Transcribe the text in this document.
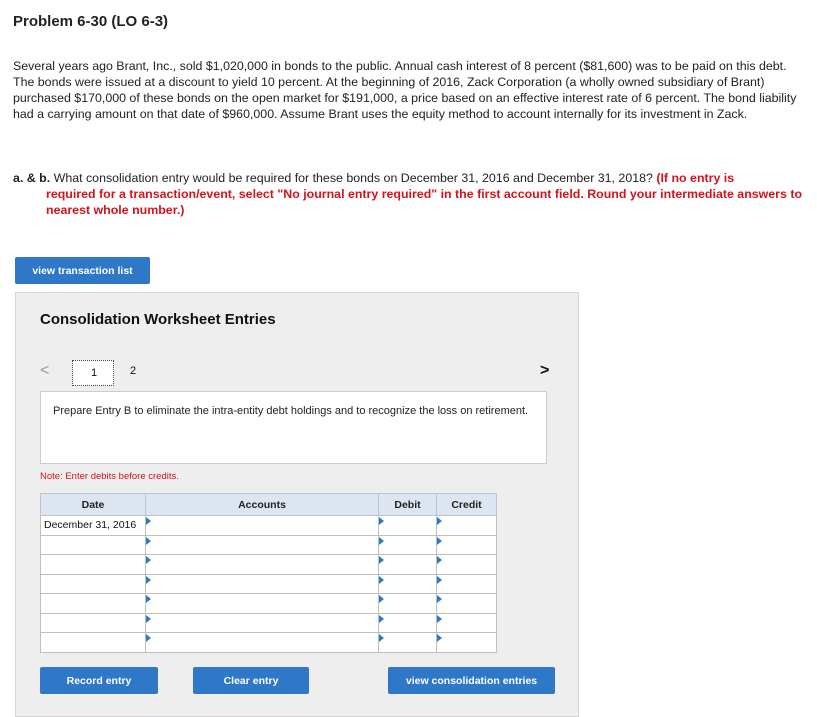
Problem 6-30 (LO 6-3)
Several years ago Brant, Inc., sold $1,020,000 in bonds to the public. Annual cash interest of 8 percent ($81,600) was to be paid on this debt. The bonds were issued at a discount to yield 10 percent. At the beginning of 2016, Zack Corporation (a wholly owned subsidiary of Brant) purchased $170,000 of these bonds on the open market for $191,000, a price based on an effective interest rate of 6 percent. The bond liability had a carrying amount on that date of $960,000. Assume Brant uses the equity method to account internally for its investment in Zack.
a. & b. What consolidation entry would be required for these bonds on December 31, 2016 and December 31, 2018? (If no entry is
required for a transaction/event, select "No journal entry required" in the first account field. Round your intermediate answers to nearest whole number.)
view transaction list
Consolidation Worksheet Entries
<	1	2	>
Prepare Entry B to eliminate the intra-entity debt holdings and to recognize the loss on retirement.
Note: Enter debits before credits.
Date	Accounts	Debit	Credit
December 31, 2016	

Record entry	Clear entry	view consolidation entries
